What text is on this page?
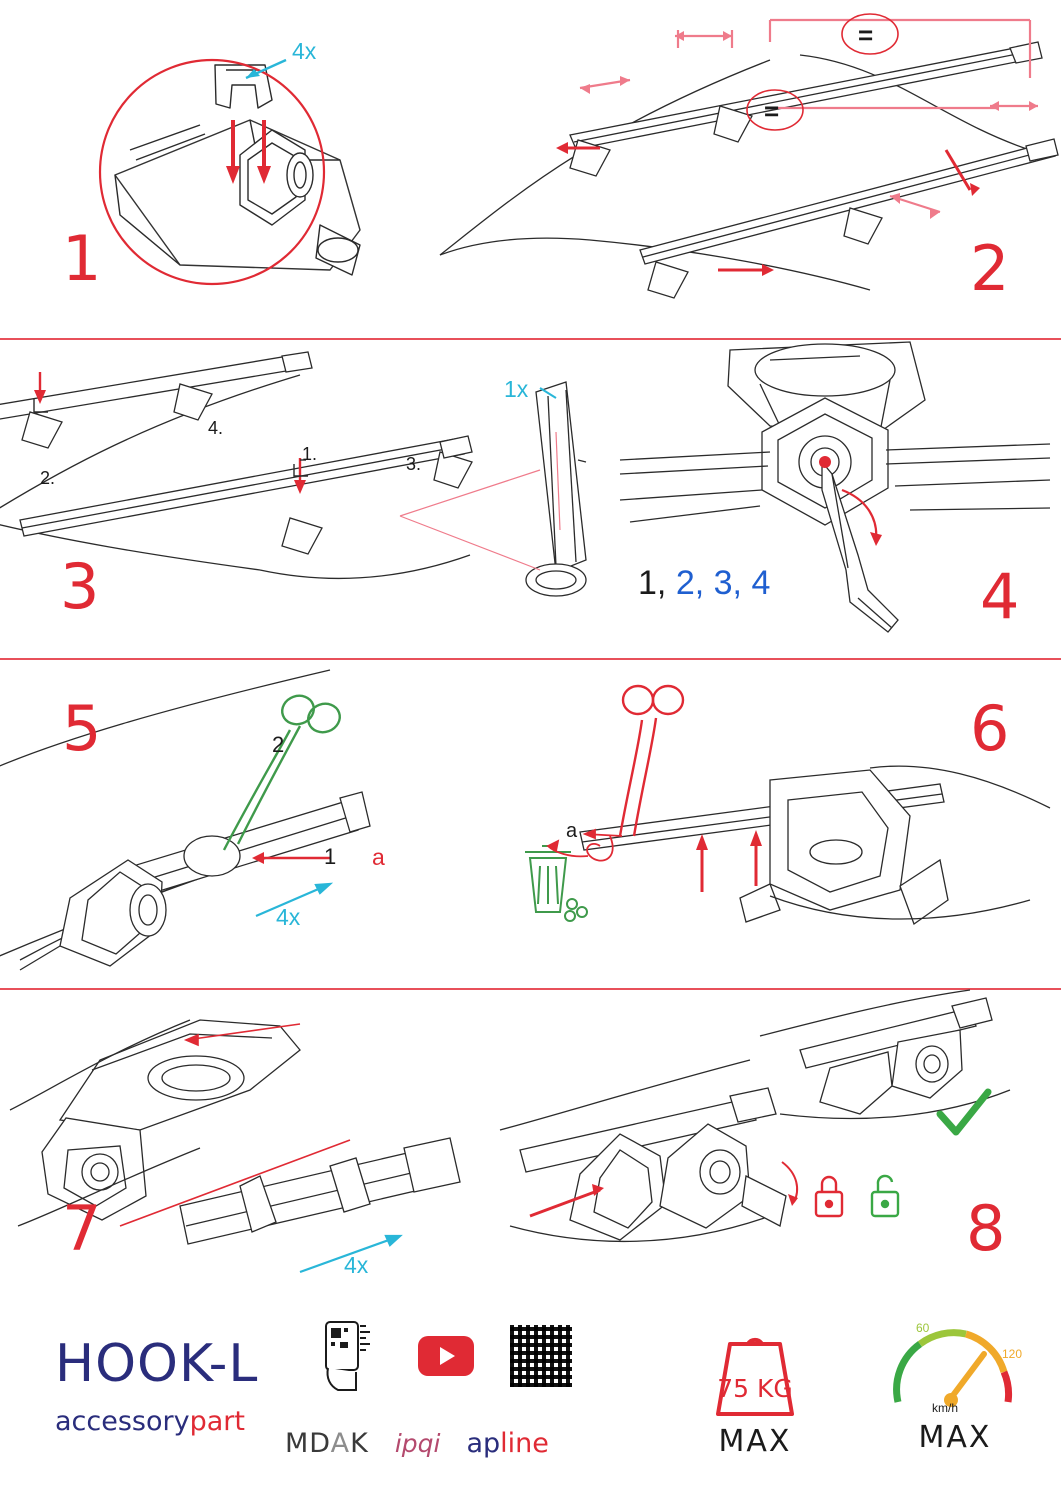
4x
1
=
=
2
1.
2.
3.
4.
1x
3	1, 2, 3, 4	4
1
2
a
4x
5
a
6
4x
7	8
HOOK-L
accessorypart
MDAK ipqi apline
75 KG
MAX
60
120
km/h
MAX
